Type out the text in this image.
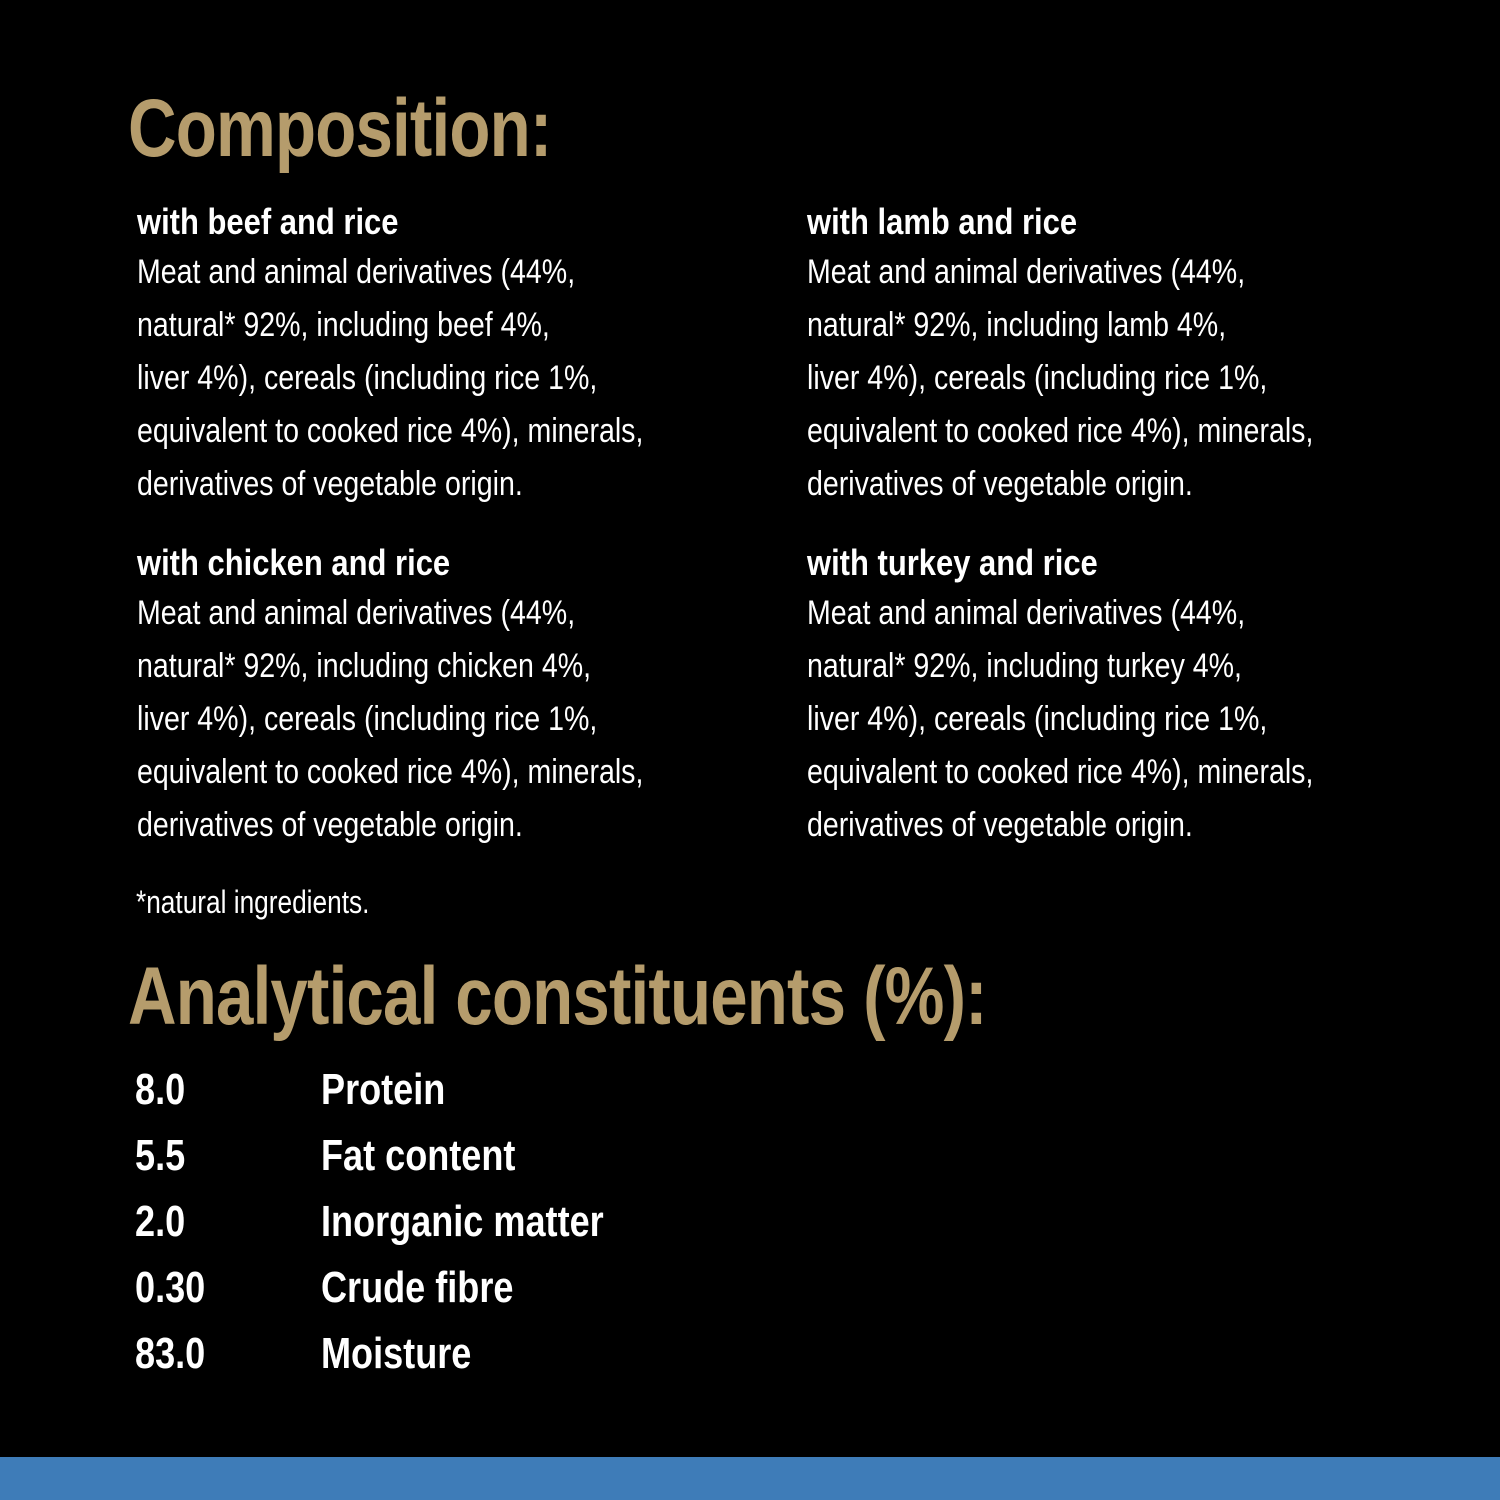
Composition:
with beef and rice
Meat and animal derivatives (44%,
natural* 92%, including beef 4%,
liver 4%), cereals (including rice 1%,
equivalent to cooked rice 4%), minerals,
derivatives of vegetable origin.
with lamb and rice
Meat and animal derivatives (44%,
natural* 92%, including lamb 4%,
liver 4%), cereals (including rice 1%,
equivalent to cooked rice 4%), minerals,
derivatives of vegetable origin.
with chicken and rice
Meat and animal derivatives (44%,
natural* 92%, including chicken 4%,
liver 4%), cereals (including rice 1%,
equivalent to cooked rice 4%), minerals,
derivatives of vegetable origin.
with turkey and rice
Meat and animal derivatives (44%,
natural* 92%, including turkey 4%,
liver 4%), cereals (including rice 1%,
equivalent to cooked rice 4%), minerals,
derivatives of vegetable origin.
*natural ingredients.
Analytical constituents (%):
8.0	Protein
5.5	Fat content
2.0	Inorganic matter
0.30	Crude fibre
83.0	Moisture
